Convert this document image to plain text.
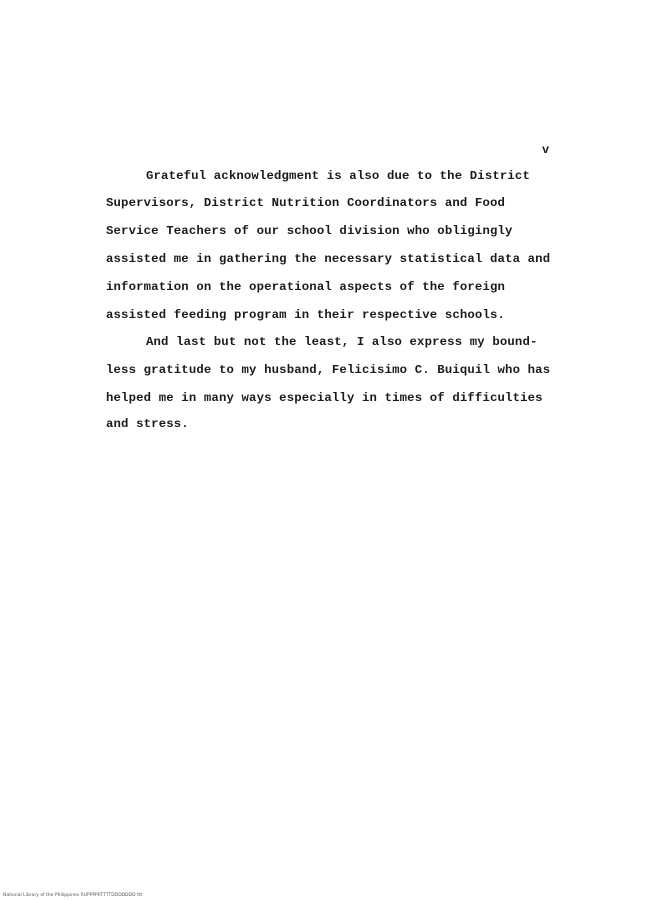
v
Grateful acknowledgment is also due to the District
Supervisors, District Nutrition Coordinators and Food
Service Teachers of our school division who obligingly
assisted me in gathering the necessary statistical data and
information on the operational aspects of the foreign
assisted feeding program in their respective schools.
And last but not the least, I also express my bound-
less gratitude to my husband, Felicisimo C. Buiquil who has
helped me in many ways especially in times of difficulties
and stress.
National Library of the Philippines RUPPPPIITTTTDDDDDDD ttt
